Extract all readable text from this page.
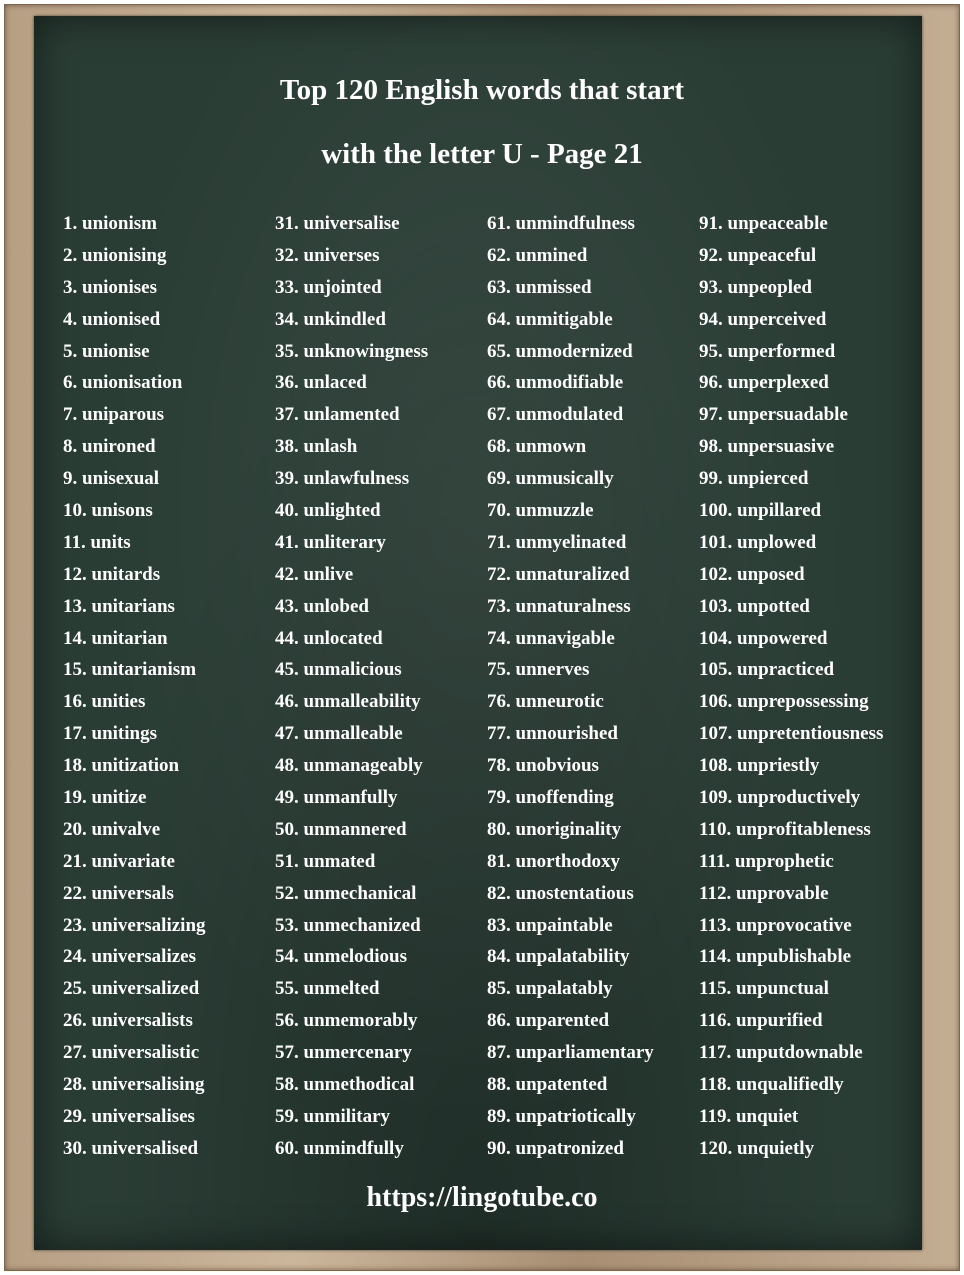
Top 120 English words that start
with the letter U - Page 21
1. unionism
2. unionising
3. unionises
4. unionised
5. unionise
6. unionisation
7. uniparous
8. unironed
9. unisexual
10. unisons
11. units
12. unitards
13. unitarians
14. unitarian
15. unitarianism
16. unities
17. unitings
18. unitization
19. unitize
20. univalve
21. univariate
22. universals
23. universalizing
24. universalizes
25. universalized
26. universalists
27. universalistic
28. universalising
29. universalises
30. universalised
31. universalise
32. universes
33. unjointed
34. unkindled
35. unknowingness
36. unlaced
37. unlamented
38. unlash
39. unlawfulness
40. unlighted
41. unliterary
42. unlive
43. unlobed
44. unlocated
45. unmalicious
46. unmalleability
47. unmalleable
48. unmanageably
49. unmanfully
50. unmannered
51. unmated
52. unmechanical
53. unmechanized
54. unmelodious
55. unmelted
56. unmemorably
57. unmercenary
58. unmethodical
59. unmilitary
60. unmindfully
61. unmindfulness
62. unmined
63. unmissed
64. unmitigable
65. unmodernized
66. unmodifiable
67. unmodulated
68. unmown
69. unmusically
70. unmuzzle
71. unmyelinated
72. unnaturalized
73. unnaturalness
74. unnavigable
75. unnerves
76. unneurotic
77. unnourished
78. unobvious
79. unoffending
80. unoriginality
81. unorthodoxy
82. unostentatious
83. unpaintable
84. unpalatability
85. unpalatably
86. unparented
87. unparliamentary
88. unpatented
89. unpatriotically
90. unpatronized
91. unpeaceable
92. unpeaceful
93. unpeopled
94. unperceived
95. unperformed
96. unperplexed
97. unpersuadable
98. unpersuasive
99. unpierced
100. unpillared
101. unplowed
102. unposed
103. unpotted
104. unpowered
105. unpracticed
106. unprepossessing
107. unpretentiousness
108. unpriestly
109. unproductively
110. unprofitableness
111. unprophetic
112. unprovable
113. unprovocative
114. unpublishable
115. unpunctual
116. unpurified
117. unputdownable
118. unqualifiedly
119. unquiet
120. unquietly
https://lingotube.co
